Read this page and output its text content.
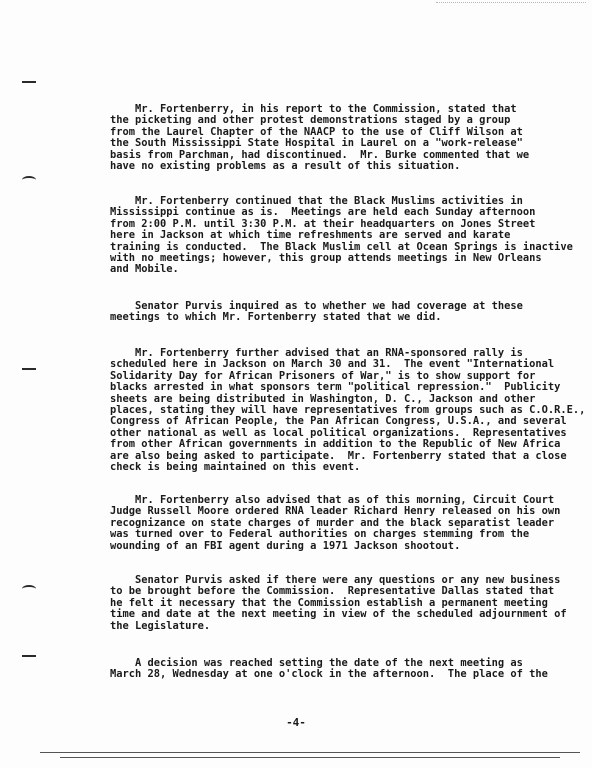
Mr. Fortenberry, in his report to the Commission, stated that
the picketing and other protest demonstrations staged by a group
from the Laurel Chapter of the NAACP to the use of Cliff Wilson at
the South Mississippi State Hospital in Laurel on a "work-release"
basis from Parchman, had discontinued.  Mr. Burke commented that we
have no existing problems as a result of this situation.

Mr. Fortenberry continued that the Black Muslims activities in
Mississippi continue as is.  Meetings are held each Sunday afternoon
from 2:00 P.M. until 3:30 P.M. at their headquarters on Jones Street
here in Jackson at which time refreshments are served and karate
training is conducted.  The Black Muslim cell at Ocean Springs is inactive
with no meetings; however, this group attends meetings in New Orleans
and Mobile.

Senator Purvis inquired as to whether we had coverage at these
meetings to which Mr. Fortenberry stated that we did.

Mr. Fortenberry further advised that an RNA-sponsored rally is
scheduled here in Jackson on March 30 and 31.  The event "International
Solidarity Day for African Prisoners of War," is to show support for
blacks arrested in what sponsors term "political repression."  Publicity
sheets are being distributed in Washington, D. C., Jackson and other
places, stating they will have representatives from groups such as C.O.R.E.,
Congress of African People, the Pan African Congress, U.S.A., and several
other national as well as local political organizations.  Representatives
from other African governments in addition to the Republic of New Africa
are also being asked to participate.  Mr. Fortenberry stated that a close
check is being maintained on this event.

Mr. Fortenberry also advised that as of this morning, Circuit Court
Judge Russell Moore ordered RNA leader Richard Henry released on his own
recognizance on state charges of murder and the black separatist leader
was turned over to Federal authorities on charges stemming from the
wounding of an FBI agent during a 1971 Jackson shootout.

Senator Purvis asked if there were any questions or any new business
to be brought before the Commission.  Representative Dallas stated that
he felt it necessary that the Commission establish a permanent meeting
time and date at the next meeting in view of the scheduled adjournment of
the Legislature.

A decision was reached setting the date of the next meeting as
March 28, Wednesday at one o'clock in the afternoon.  The place of the

-4-
